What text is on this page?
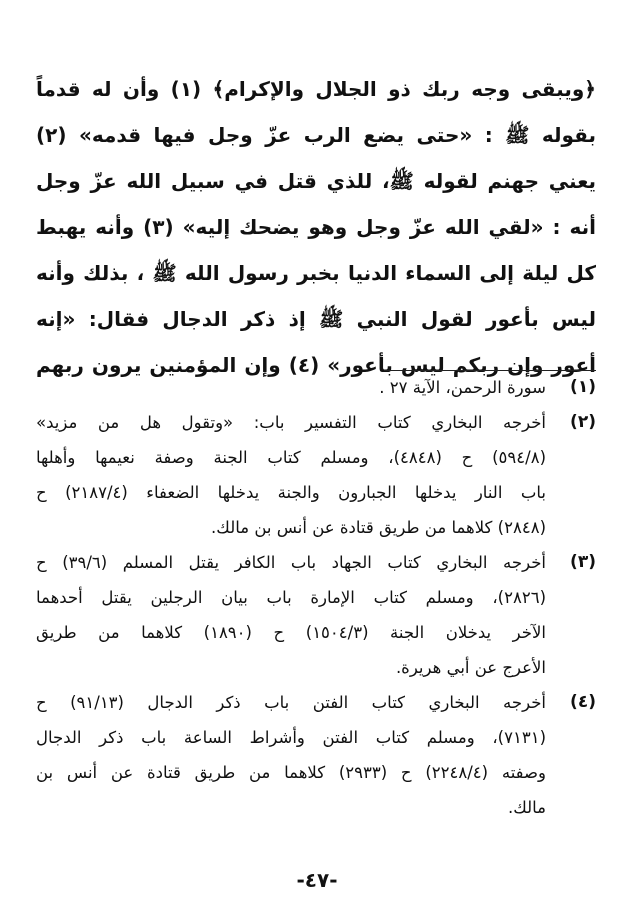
﴿ويبقى وجه ربك ذو الجلال والإكرام﴾ (١) وأن له قدماً
بقوله ﷺ : «حتى يضع الرب عزّ وجل فيها قدمه» (٢)
يعني جهنم لقوله ﷺ، للذي قتل في سبيل الله عزّ وجل
أنه : «لقي الله عزّ وجل وهو يضحك إليه» (٣) وأنه يهبط
كل ليلة إلى السماء الدنيا بخبر رسول الله ﷺ ، بذلك وأنه
ليس بأعور لقول النبي ﷺ إذ ذكر الدجال فقال: «إنه
أعور وإن ربكم ليس بأعور» (٤) وإن المؤمنين يرون ربهم
(١)
سورة الرحمن، الآية ٢٧ .
(٢)
أخرجه البخاري كتاب التفسير باب: «وتقول هل من مزيد»
(٥٩٤/٨) ح (٤٨٤٨)، ومسلم كتاب الجنة وصفة نعيمها وأهلها
باب النار يدخلها الجبارون والجنة يدخلها الضعفاء (٢١٨٧/٤) ح
(٢٨٤٨) كلاهما من طريق قتادة عن أنس بن مالك.
(٣)
أخرجه البخاري كتاب الجهاد باب الكافر يقتل المسلم (٣٩/٦) ح
(٢٨٢٦)، ومسلم كتاب الإمارة باب بيان الرجلين يقتل أحدهما
الآخر يدخلان الجنة (١٥٠٤/٣) ح (١٨٩٠) كلاهما من طريق
الأعرج عن أبي هريرة.
(٤)
أخرجه البخاري كتاب الفتن باب ذكر الدجال (٩١/١٣) ح
(٧١٣١)، ومسلم كتاب الفتن وأشراط الساعة باب ذكر الدجال
وصفته (٢٢٤٨/٤) ح (٢٩٣٣) كلاهما من طريق قتادة عن أنس بن
مالك.
-٤٧-
